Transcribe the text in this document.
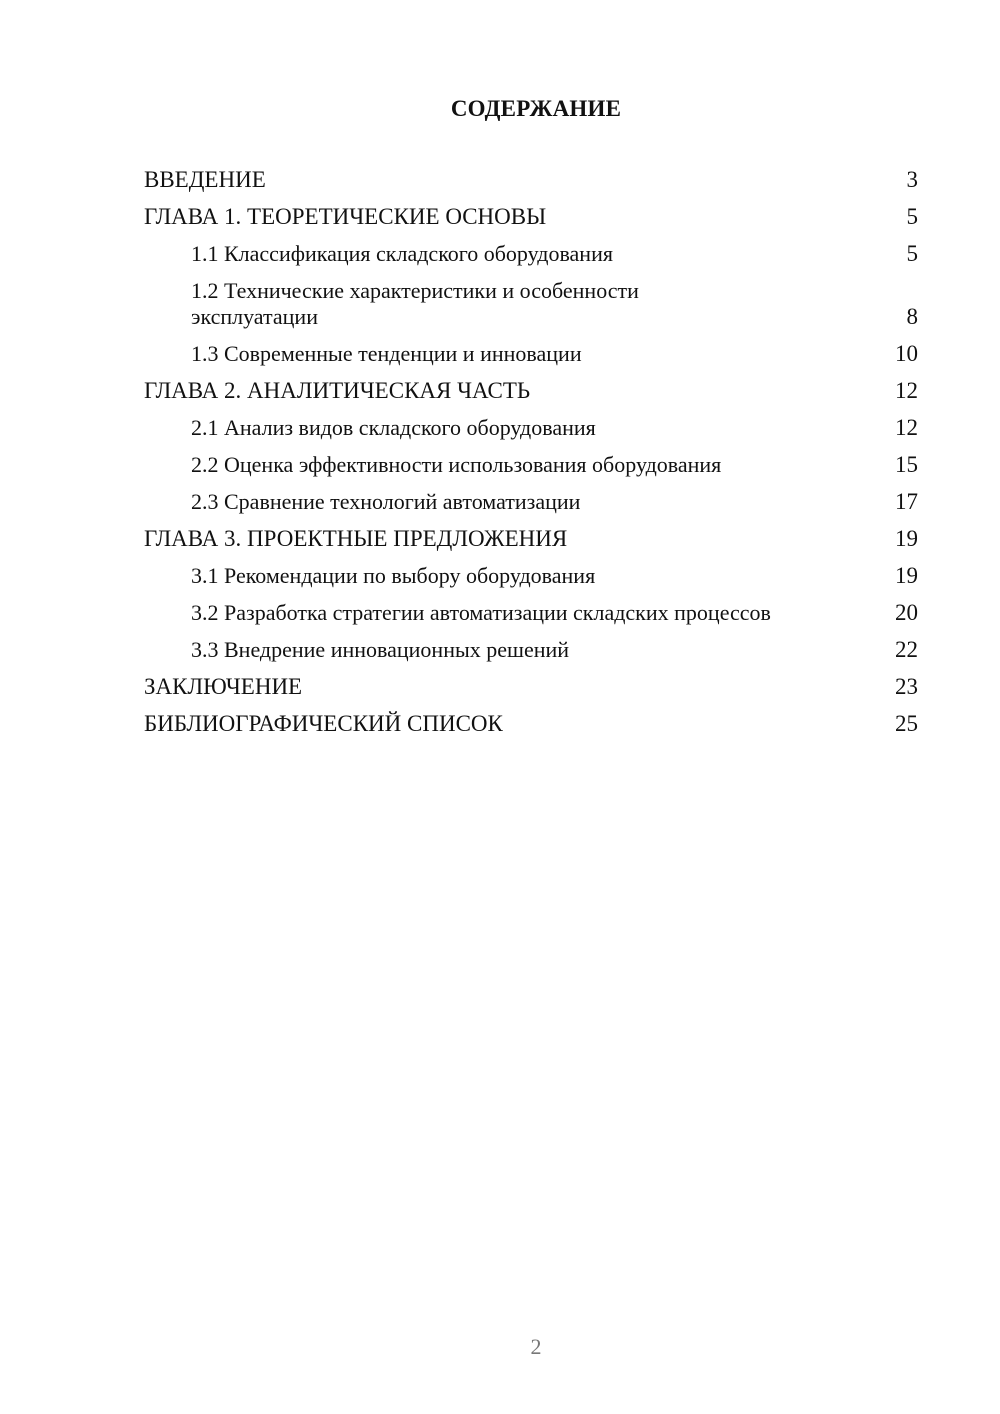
СОДЕРЖАНИЕ
ВВЕДЕНИЕ	3
ГЛАВА 1. ТЕОРЕТИЧЕСКИЕ ОСНОВЫ	5
1.1 Классификация складского оборудования	5
1.2 Технические характеристики и особенности эксплуатации	8
1.3 Современные тенденции и инновации	10
ГЛАВА 2. АНАЛИТИЧЕСКАЯ ЧАСТЬ	12
2.1 Анализ видов складского оборудования	12
2.2 Оценка эффективности использования оборудования	15
2.3 Сравнение технологий автоматизации	17
ГЛАВА 3. ПРОЕКТНЫЕ ПРЕДЛОЖЕНИЯ	19
3.1 Рекомендации по выбору оборудования	19
3.2 Разработка стратегии автоматизации складских процессов	20
3.3 Внедрение инновационных решений	22
ЗАКЛЮЧЕНИЕ	23
БИБЛИОГРАФИЧЕСКИЙ СПИСОК	25
2
